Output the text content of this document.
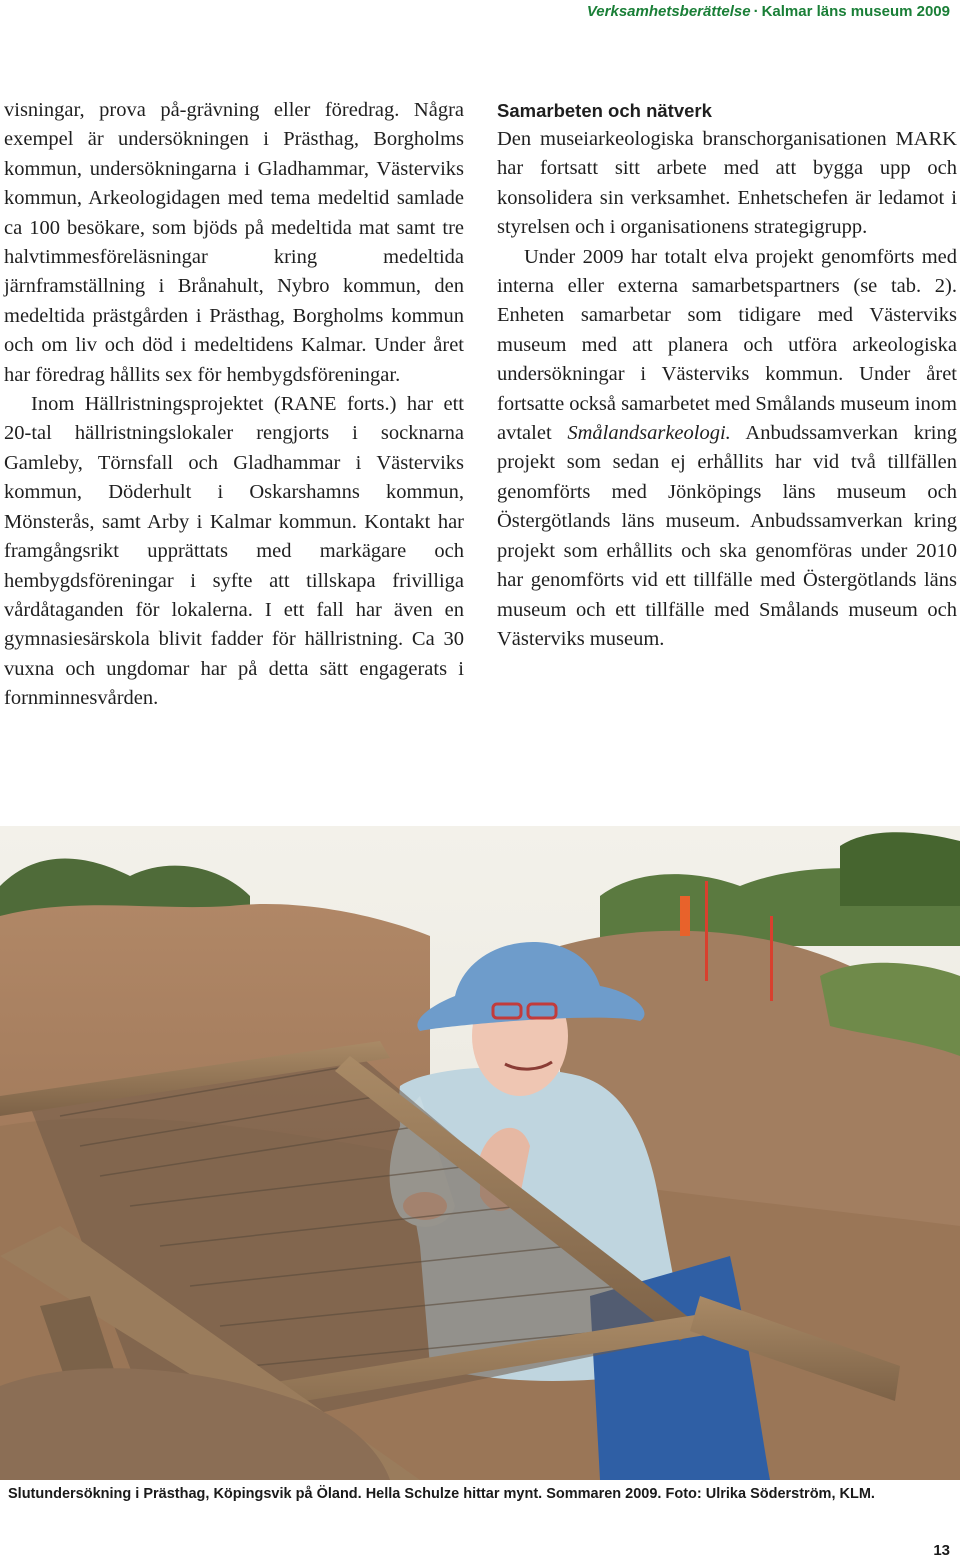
Verksamhetsberättelse · Kalmar läns museum 2009

visningar, prova på-grävning eller föredrag. Några exempel är undersökningen i Prästhag, Borgholms kommun, undersökningarna i Gladhammar, Västerviks kommun, Arkeologidagen med tema medeltid samlade ca 100 besökare, som bjöds på medeltida mat samt tre halvtimmesföreläsningar kring medeltida järnframställning i Brånahult, Nybro kommun, den medeltida prästgården i Prästhag, Borgholms kommun och om liv och död i medeltidens Kalmar. Under året har föredrag hållits sex för hembygdsföreningar.

Inom Hällristningsprojektet (RANE forts.) har ett 20-tal hällristningslokaler rengjorts i socknarna Gamleby, Törnsfall och Gladhammar i Västerviks kommun, Döderhult i Oskarshamns kommun, Mönsterås, samt Arby i Kalmar kommun. Kontakt har framgångsrikt upprättats med markägare och hembygdsföreningar i syfte att tillskapa frivilliga vårdåtaganden för lokalerna. I ett fall har även en gymnasiesärskola blivit fadder för hällristning. Ca 30 vuxna och ungdomar har på detta sätt engagerats i fornminnesvården.

Samarbeten och nätverk

Den museiarkeologiska branschorganisationen MARK har fortsatt sitt arbete med att bygga upp och konsolidera sin verksamhet. Enhetschefen är ledamot i styrelsen och i organisationens strategigrupp.

Under 2009 har totalt elva projekt genomförts med interna eller externa samarbetspartners (se tab. 2). Enheten samarbetar som tidigare med Västerviks museum med att planera och utföra arkeologiska undersökningar i Västerviks kommun. Under året fortsatte också samarbetet med Smålands museum inom avtalet Smålandsarkeologi. Anbudssamverkan kring projekt som sedan ej erhållits har vid två tillfällen genomförts med Jönköpings läns museum och Östergötlands läns museum. Anbudssamverkan kring projekt som erhållits och ska genomföras under 2010 har genomförts vid ett tillfälle med Östergötlands läns museum och ett tillfälle med Smålands museum och Västerviks museum.

Slutundersökning i Prästhag, Köpingsvik på Öland. Hella Schulze hittar mynt. Sommaren 2009. Foto: Ulrika Söderström, KLM.
13
